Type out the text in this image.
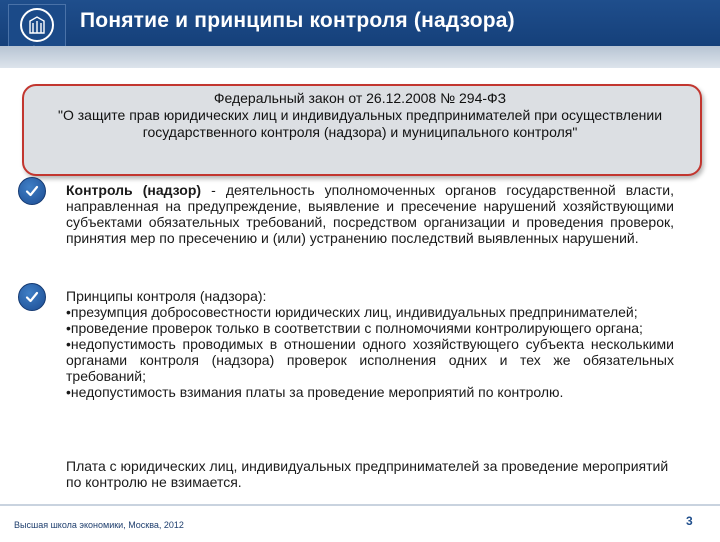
Понятие и принципы контроля (надзора)
Федеральный закон от 26.12.2008 № 294-ФЗ
"О защите прав юридических лиц и индивидуальных предпринимателей при осуществлении государственного контроля (надзора) и муниципального контроля"
Контроль (надзор) - деятельность уполномоченных органов государственной власти, направленная на предупреждение, выявление и пресечение нарушений хозяйствующими субъектами обязательных требований, посредством организации и проведения проверок, принятия мер по пресечению и (или) устранению последствий выявленных нарушений.
Принципы контроля (надзора):
•презумпция добросовестности юридических лиц, индивидуальных предпринимателей;
•проведение проверок только в соответствии с полномочиями контролирующего органа;
•недопустимость проводимых в отношении одного хозяйствующего субъекта несколькими органами контроля (надзора) проверок исполнения одних и тех же обязательных требований;
•недопустимость взимания платы за проведение мероприятий по контролю.
Плата с юридических лиц, индивидуальных предпринимателей за проведение мероприятий по контролю не взимается.
Высшая школа экономики, Москва, 2012	3
